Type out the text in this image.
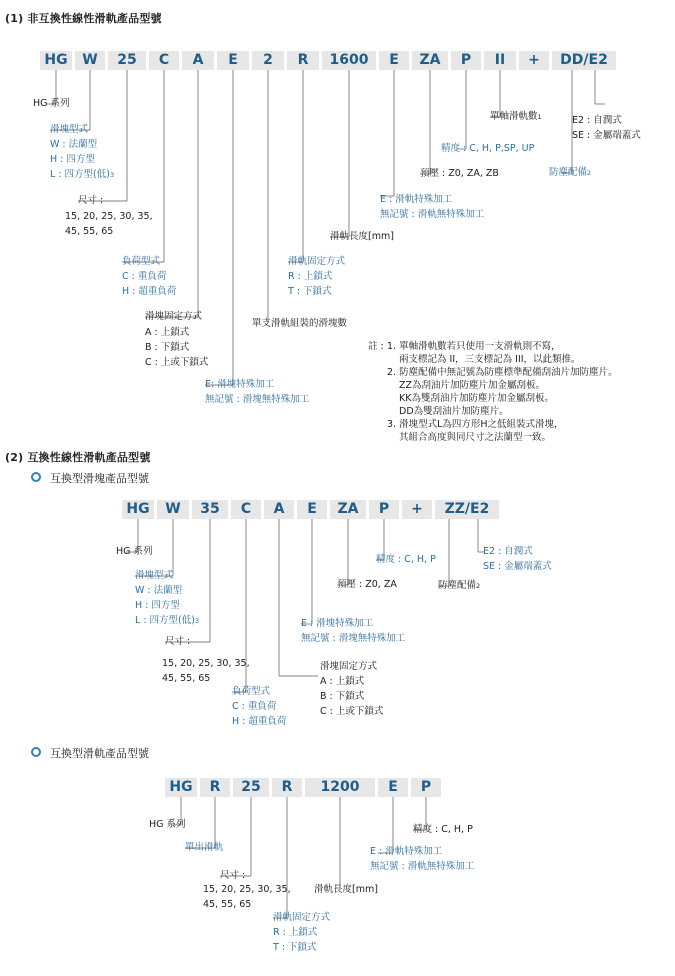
(1) 非互換性線性滑軌產品型號
HG	W	25	C	A	E	2	R	1600	E	ZA	P	II	+	DD/E2
HG 系列
滑塊型式
W : 法蘭型
H : 四方型
L : 四方型(低)$^3$
尺寸 :
15, 20, 25, 30, 35,
45, 55, 65
負荷型式
C : 重負荷
H : 超重負荷
滑塊固定方式
A : 上鎖式
B : 下鎖式
C : 上或下鎖式
E: 滑塊特殊加工
無記號 : 滑塊無特殊加工
單支滑軌組裝的滑塊數
滑軌固定方式
R : 上鎖式
T : 下鎖式
滑軌長度[mm]
E : 滑軌特殊加工
無記號 : 滑軌無特殊加工
預壓 : Z0, ZA, ZB
精度 : C, H, P,SP, UP
單軸滑軌數$^1$
防塵配備$^2$
E2 : 自潤式
SE : 金屬端蓋式
註 : 1. 單軸滑軌數若只使用一支滑軌則不寫，
兩支標記為 II，三支標記為 III，以此類推。
2. 防塵配備中無記號為防塵標準配備刮油片加防塵片。
ZZ為刮油片加防塵片加金屬刮板。
KK為雙刮油片加防塵片加金屬刮板。
DD為雙刮油片加防塵片。
3. 滑塊型式L為四方形H之低組裝式滑塊，
其組合高度與同尺寸之法蘭型一致。
(2) 互換性線性滑軌產品型號
互換型滑塊產品型號
HG	W	35	C	A	E	ZA	P	+	ZZ/E2
HG 系列
滑塊型式
W : 法蘭型
H : 四方型
L : 四方型(低)$^3$
尺寸 :
15, 20, 25, 30, 35,
45, 55, 65
負荷型式
C : 重負荷
H : 超重負荷
E : 滑塊特殊加工
無記號 : 滑塊無特殊加工
滑塊固定方式
A : 上鎖式
B : 下鎖式
C : 上或下鎖式
預壓 : Z0, ZA
精度 : C, H, P
防塵配備$^2$
E2 : 自潤式
SE : 金屬端蓋式
互換型滑軌產品型號
HG	R	25	R	1200	E	P
HG 系列
單出滑軌
尺寸 :
15, 20, 25, 30, 35,
45, 55, 65
滑軌固定方式
R : 上鎖式
T : 下鎖式
滑軌長度[mm]
E : 滑軌特殊加工
無記號 : 滑軌無特殊加工
精度 : C, H, P
